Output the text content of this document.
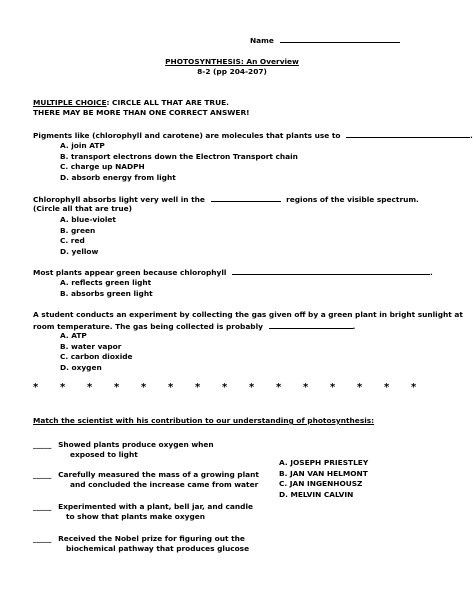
Name
PHOTOSYNTHESIS: An Overview
8-2 (pp 204-207)
MULTIPLE CHOICE: CIRCLE ALL THAT ARE TRUE.
THERE MAY BE MORE THAN ONE CORRECT ANSWER!
Pigments like (chlorophyll and carotene) are molecules that plants use to	.
A. join ATP
B. transport electrons down the Electron Transport chain
C. charge up NADPH
D. absorb energy from light
Chlorophyll absorbs light very well in the	regions of the visible spectrum.
(Circle all that are true)
A. blue-violet
B. green
C. red
D. yellow
Most plants appear green because chlorophyll	.
A. reflects green light
B. absorbs green light
A student conducts an experiment by collecting the gas given off by a green plant in bright sunlight at
room temperature. The gas being collected is probably	.
A. ATP
B. water vapor
C. carbon dioxide
D. oxygen
*	*	*	*	*	*	*	*	*	*	*	*	*	*	*
Match the scientist with his contribution to our understanding of photosynthesis:
_____ Showed plants produce oxygen when
exposed to light
_____ Carefully measured the mass of a growing plant
and concluded the increase came from water
_____ Experimented with a plant, bell jar, and candle
to show that plants make oxygen
_____ Received the Nobel prize for figuring out the
biochemical pathway that produces glucose
A. JOSEPH PRIESTLEY
B. JAN VAN HELMONT
C. JAN INGENHOUSZ
D. MELVIN CALVIN
